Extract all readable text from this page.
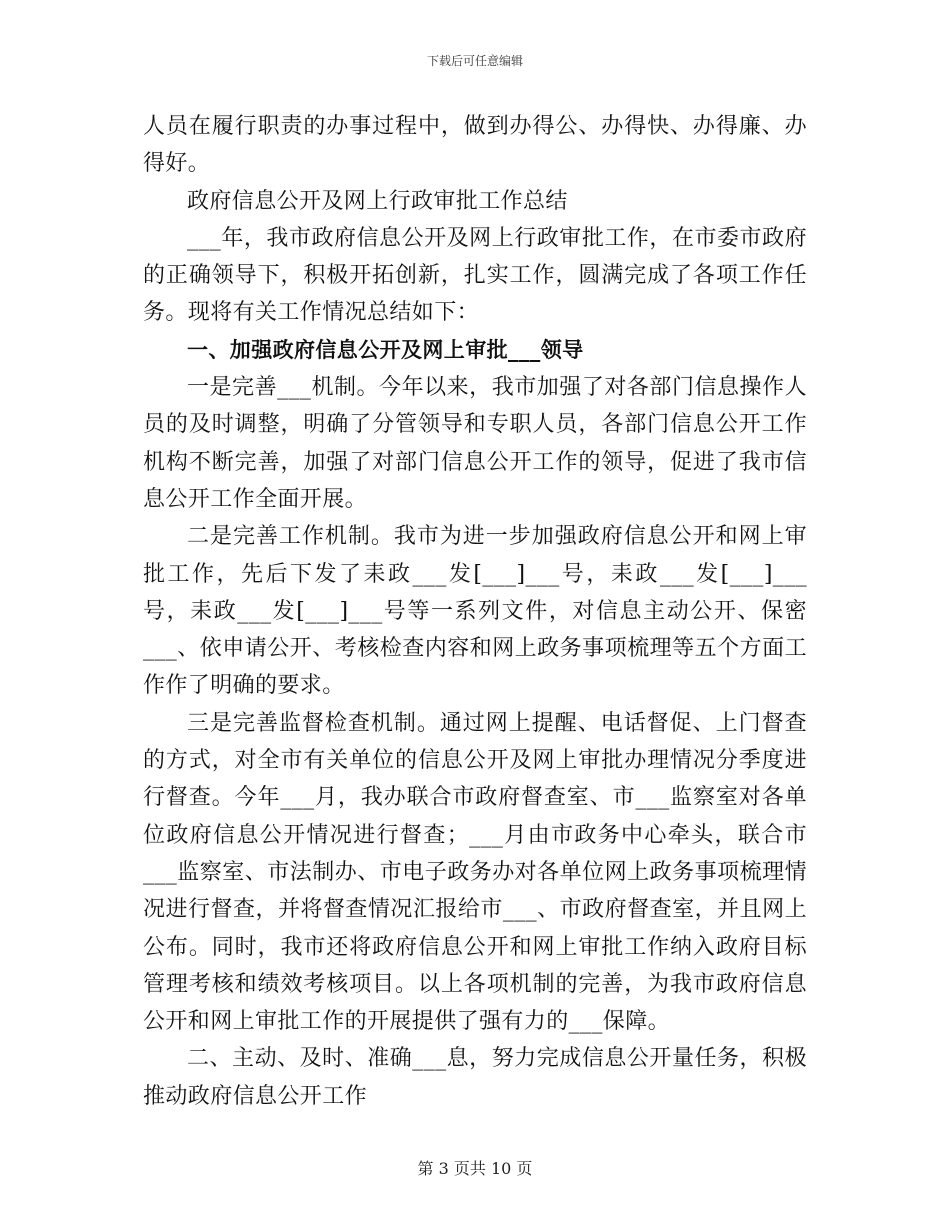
下载后可任意编辑

人员在履行职责的办事过程中，做到办得公、办得快、办得廉、办得好。

政府信息公开及网上行政审批工作总结

___年，我市政府信息公开及网上行政审批工作，在市委市政府的正确领导下，积极开拓创新，扎实工作，圆满完成了各项工作任务。现将有关工作情况总结如下：

一、加强政府信息公开及网上审批___领导

一是完善___机制。今年以来，我市加强了对各部门信息操作人员的及时调整，明确了分管领导和专职人员，各部门信息公开工作机构不断完善，加强了对部门信息公开工作的领导，促进了我市信息公开工作全面开展。

二是完善工作机制。我市为进一步加强政府信息公开和网上审批工作，先后下发了耒政___发[___]___号，耒政___发[___]___号，耒政___发[___]___号等一系列文件，对信息主动公开、保密___、依申请公开、考核检查内容和网上政务事项梳理等五个方面工作作了明确的要求。

三是完善监督检查机制。通过网上提醒、电话督促、上门督查的方式，对全市有关单位的信息公开及网上审批办理情况分季度进行督查。今年___月，我办联合市政府督查室、市___监察室对各单位政府信息公开情况进行督查；___月由市政务中心牵头，联合市___监察室、市法制办、市电子政务办对各单位网上政务事项梳理情况进行督查，并将督查情况汇报给市___、市政府督查室，并且网上公布。同时，我市还将政府信息公开和网上审批工作纳入政府目标管理考核和绩效考核项目。以上各项机制的完善，为我市政府信息公开和网上审批工作的开展提供了强有力的___保障。

二、主动、及时、准确___息，努力完成信息公开量任务，积极推动政府信息公开工作

第 3 页共 10 页
